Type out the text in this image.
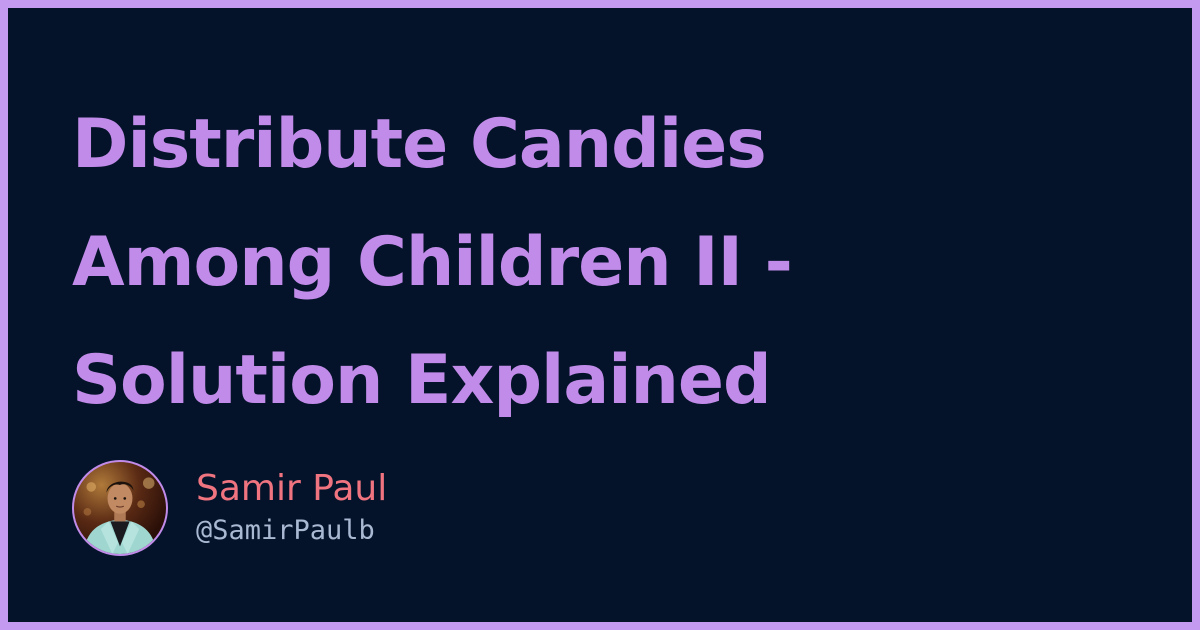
Distribute Candies
Among Children II -
Solution Explained
Samir Paul
@SamirPaulb
